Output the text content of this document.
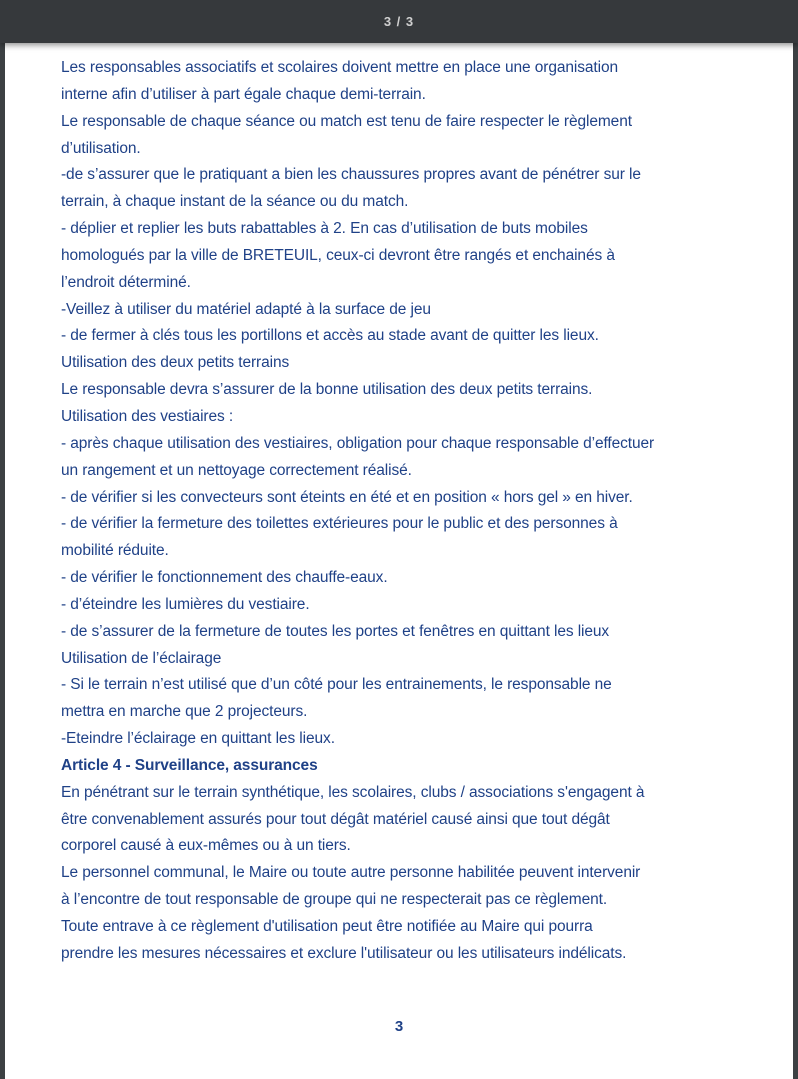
3 / 3
Les responsables associatifs et scolaires doivent mettre en place une organisation
interne afin d’utiliser à part égale chaque demi-terrain.
Le responsable de chaque séance ou match est tenu de faire respecter le règlement
d’utilisation.
-de s’assurer que le pratiquant a bien les chaussures propres avant de pénétrer sur le
terrain, à chaque instant de la séance ou du match.
- déplier et replier les buts rabattables à 2. En cas d’utilisation de buts mobiles
homologués par la ville de BRETEUIL, ceux-ci devront être rangés et enchainés à
l’endroit déterminé.
-Veillez à utiliser du matériel adapté à la surface de jeu
- de fermer à clés tous les portillons et accès au stade avant de quitter les lieux.
Utilisation des deux petits terrains
Le responsable devra s’assurer de la bonne utilisation des deux petits terrains.
Utilisation des vestiaires :
- après chaque utilisation des vestiaires, obligation pour chaque responsable d’effectuer
un rangement et un nettoyage correctement réalisé.
- de vérifier si les convecteurs sont éteints en été et en position « hors gel » en hiver.
- de vérifier la fermeture des toilettes extérieures pour le public et des personnes à
mobilité réduite.
- de vérifier le fonctionnement des chauffe-eaux.
- d’éteindre les lumières du vestiaire.
- de s’assurer de la fermeture de toutes les portes et fenêtres en quittant les lieux
Utilisation de l’éclairage
- Si le terrain n’est utilisé que d’un côté pour les entrainements, le responsable ne
mettra en marche que 2 projecteurs.
-Eteindre l’éclairage en quittant les lieux.
Article 4 - Surveillance, assurances
En pénétrant sur le terrain synthétique, les scolaires, clubs / associations s'engagent à
être convenablement assurés pour tout dégât matériel causé ainsi que tout dégât
corporel causé à eux-mêmes ou à un tiers.
Le personnel communal, le Maire ou toute autre personne habilitée peuvent intervenir
à l’encontre de tout responsable de groupe qui ne respecterait pas ce règlement.
Toute entrave à ce règlement d'utilisation peut être notifiée au Maire qui pourra
prendre les mesures nécessaires et exclure l'utilisateur ou les utilisateurs indélicats.
3
